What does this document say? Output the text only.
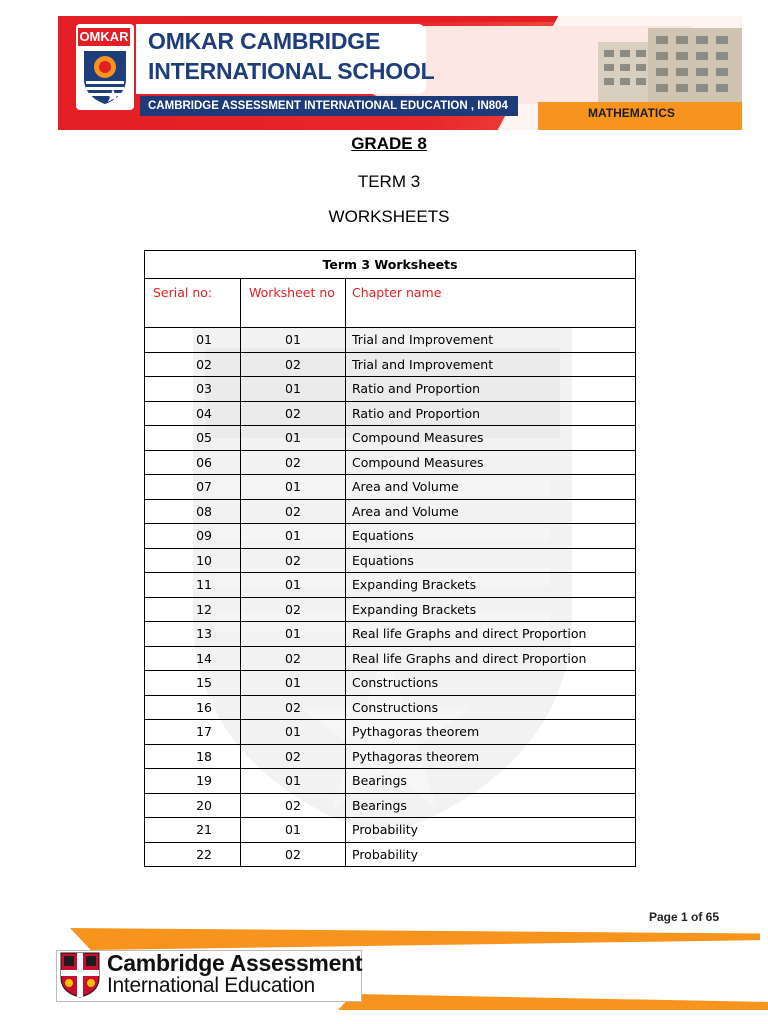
OMKAR OMKAR CAMBRIDGE
INTERNATIONAL SCHOOL
CAMBRIDGE ASSESSMENT INTERNATIONAL EDUCATION , IN804	MATHEMATICS
GRADE 8
TERM 3
WORKSHEETS
Term 3 Worksheets		
Serial no:	Worksheet no	Chapter name
01	01	Trial and Improvement
02	02	Trial and Improvement
03	01	Ratio and Proportion
04	02	Ratio and Proportion
05	01	Compound Measures
06	02	Compound Measures
07	01	Area and Volume
08	02	Area and Volume
09	01	Equations
10	02	Equations
11	01	Expanding Brackets
12	02	Expanding Brackets
13	01	Real life Graphs and direct Proportion
14	02	Real life Graphs and direct Proportion
15	01	Constructions
16	02	Constructions
17	01	Pythagoras theorem
18	02	Pythagoras theorem
19	01	Bearings
20	02	Bearings
21	01	Probability
22	02	Probability
Page 1 of 65
Cambridge Assessment
International Education
